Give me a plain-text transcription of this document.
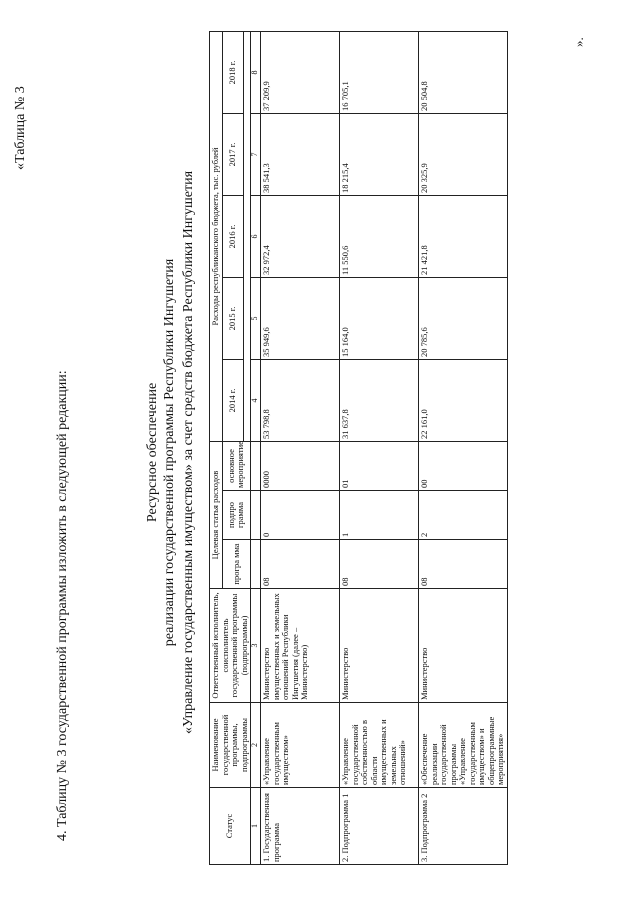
4. Таблицу № 3 государственной программы изложить в следующей редакции:
«Таблица № 3
Ресурсное обеспечение реализации государственной программы Республики Ингушетия «Управление государственным имуществом» за счет средств бюджета Республики Ингушетия
Статус	Наименование государственной программы, подпрограммы	Ответственный исполнитель, соисполнитель государственной программы (подпрограммы)	Целевая статья расходов			Расходы республиканского бюджета, тыс. рублей				
			програ мма	подпро грамма	основное мероприятие	2014 г.	2015 г.	2016 г.	2017 г.	2018 г.

1	2	3				4	5	6	7	8
1. Государственная программа	«Управление государственным имуществом»	Министерство имущественных и земельных отношений Республики Ингушетия (далее – Министерство)	08	0	0000	53 798,8	35 949,6	32 972,4	38 541,3	37 209,9
2. Подпрограмма 1	«Управление государственной собственностью в области имущественных и земельных отношений»	Министерство	08	1	01	31 637,8	15 164,0	11 550,6	18 215,4	16 705,1
3. Подпрограмма 2	«Обеспечение реализации государственной программы «Управление государственным имуществом» и общепрограммные мероприятия»	Министерство	08	2	00	22 161,0	20 785,6	21 421,8	20 325,9	20 504,8
».
